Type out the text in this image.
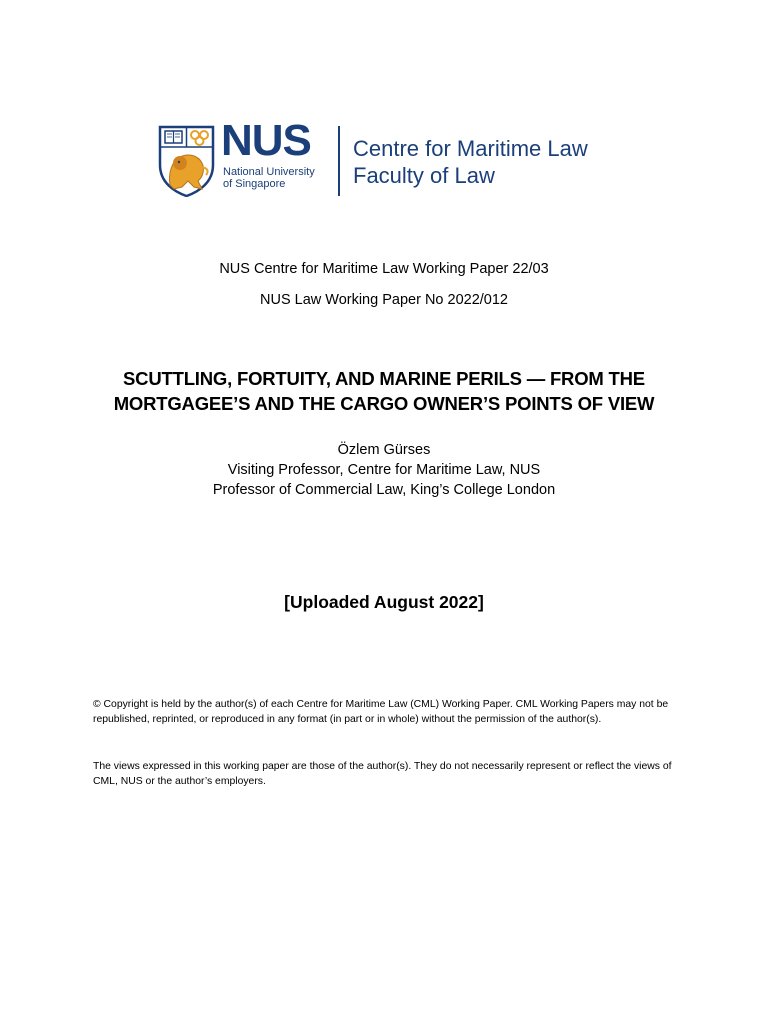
NUS
National University
of Singapore
Centre for Maritime Law
Faculty of Law
NUS Centre for Maritime Law Working Paper 22/03
NUS Law Working Paper No 2022/012
SCUTTLING, FORTUITY, AND MARINE PERILS — FROM THE
MORTGAGEE’S AND THE CARGO OWNER’S POINTS OF VIEW
Özlem Gürses
Visiting Professor, Centre for Maritime Law, NUS
Professor of Commercial Law, King’s College London
[Uploaded August 2022]
© Copyright is held by the author(s) of each Centre for Maritime Law (CML) Working Paper. CML Working Papers may not be republished, reprinted, or reproduced in any format (in part or in whole) without the permission of the author(s).
The views expressed in this working paper are those of the author(s). They do not necessarily represent or reflect the views of CML, NUS or the author’s employers.
